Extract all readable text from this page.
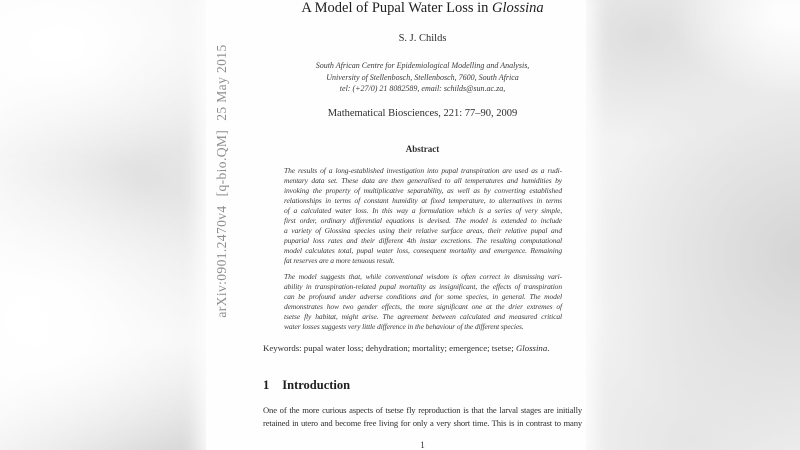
arXiv:0901.2470v4[q-bio.QM]25 May 2015
A Model of Pupal Water Loss in Glossina
S. J. Childs
South African Centre for Epidemiological Modelling and Analysis,
University of Stellenbosch, Stellenbosch, 7600, South Africa
tel: (+27/0) 21 8082589, email: schilds@sun.ac.za,
Mathematical Biosciences, 221: 77–90, 2009
Abstract
The results of a long-established investigation into pupal transpiration are used as a rudi-
mentary data set. These data are then generalised to all temperatures and humidities by
invoking the property of multiplicative separability, as well as by converting established
relationships in terms of constant humidity at fixed temperature, to alternatives in terms
of a calculated water loss. In this way a formulation which is a series of very simple,
first order, ordinary differential equations is devised. The model is extended to include
a variety of Glossina species using their relative surface areas, their relative pupal and
puparial loss rates and their different 4th instar excretions. The resulting computational
model calculates total, pupal water loss, consequent mortality and emergence. Remaining
fat reserves are a more tenuous result.
The model suggests that, while conventional wisdom is often correct in dismissing vari-
ability in transpiration-related pupal mortality as insignificant, the effects of transpiration
can be profound under adverse conditions and for some species, in general. The model
demonstrates how two gender effects, the more significant one at the drier extremes of
tsetse fly habitat, might arise. The agreement between calculated and measured critical
water losses suggests very little difference in the behaviour of the different species.
Keywords: pupal water loss; dehydration; mortality; emergence; tsetse; Glossina.
1 Introduction
One of the more curious aspects of tsetse fly reproduction is that the larval stages are initially
retained in utero and become free living for only a very short time. This is in contrast to many
1
